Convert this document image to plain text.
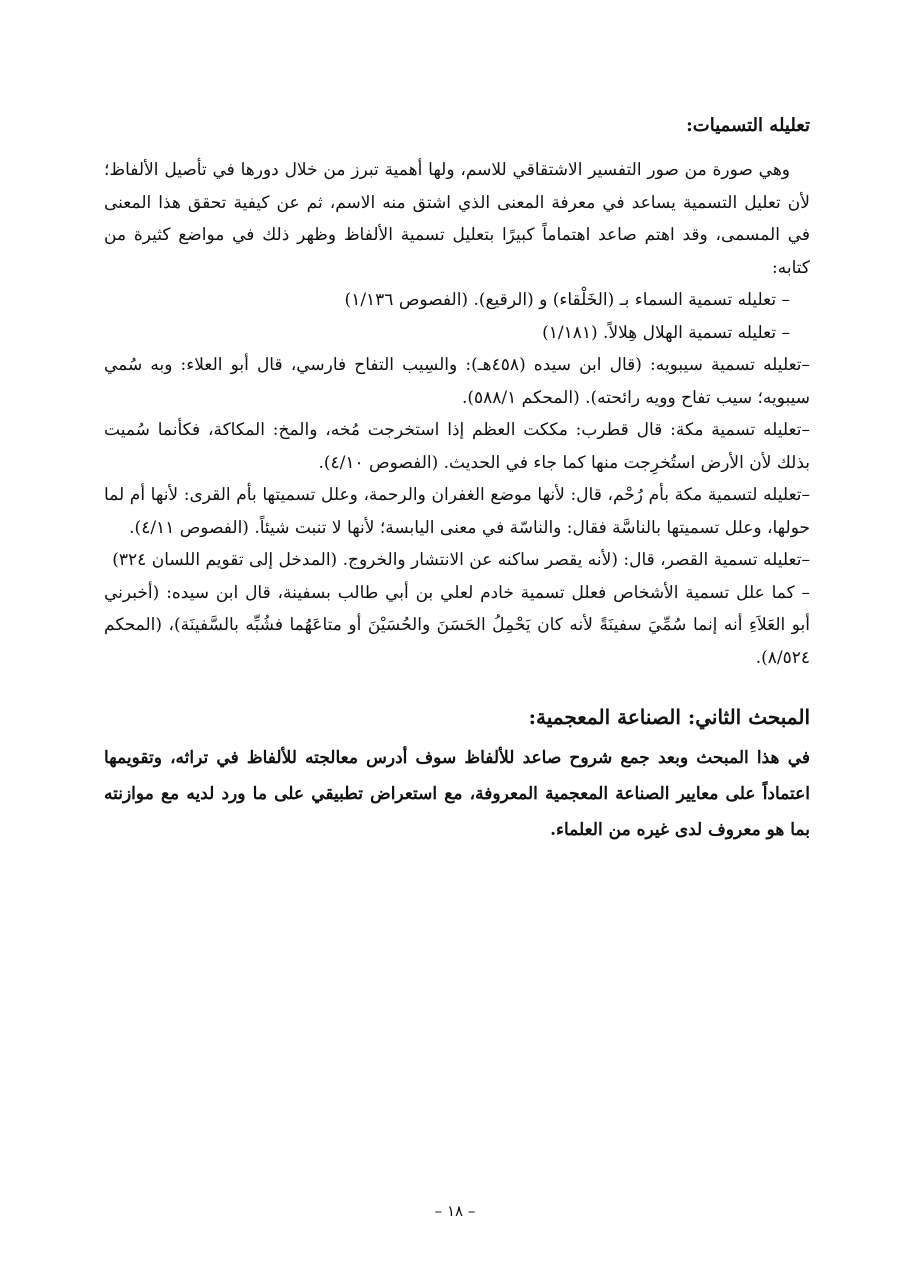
تعليله التسميات:

وهي صورة من صور التفسير الاشتقاقي للاسم، ولها أهمية تبرز من خلال دورها في تأصيل الألفاظ؛ لأن تعليل التسمية يساعد في معرفة المعنى الذي اشتق منه الاسم، ثم عن كيفية تحقق هذا المعنى في المسمى، وقد اهتم صاعد اهتماماً كبيرًا بتعليل تسمية الألفاظ وظهر ذلك في مواضع كثيرة من كتابه:

– تعليله تسمية السماء بـ (الخَلْقاء) و (الرقيع). (الفصوص ١/١٣٦)

– تعليله تسمية الهلال هِلالاً. (١/١٨١)

–تعليله تسمية سيبويه: (قال ابن سيده (٤٥٨هـ): والسِيب التفاح فارسي، قال أبو العلاء: وبه سُمي سيبويه؛ سيب تفاح وويه رائحته). (المحكم ٥٨٨/١).

–تعليله تسمية مكة: قال قطرب: مككت العظم إذا استخرجت مُخه، والمخ: المكاكة، فكأنما سُميت بذلك لأن الأرض استُخرِجت منها كما جاء في الحديث. (الفصوص ٤/١٠).

–تعليله لتسمية مكة بأم رُحْم، قال: لأنها موضع الغفران والرحمة، وعلل تسميتها بأم القرى: لأنها أم لما حولها، وعلل تسميتها بالناسَّة فقال: والناسّة في معنى اليابسة؛ لأنها لا تنبت شيئاً. (الفصوص ٤/١١).

–تعليله تسمية القصر، قال: (لأنه يقصر ساكنه عن الانتشار والخروج. (المدخل إلى تقويم اللسان ٣٢٤)

– كما علل تسمية الأشخاص فعلل تسمية خادم لعلي بن أبي طالب بسفينة، قال ابن سيده: (أخبرني أبو العَلاَءِ أنه إنما سُمِّيَ سفينَةً لأنه كان يَحْمِلُ الحَسَنَ والحُسَيْنَ أو متاعَهُما فشُبِّه بالسَّفينَة)، (المحكم ٨/٥٢٤).

المبحث الثاني: الصناعة المعجمية:

في هذا المبحث وبعد جمع شروح صاعد للألفاظ سوف أدرس معالجته للألفاظ في تراثه، وتقويمها اعتماداً على معايير الصناعة المعجمية المعروفة، مع استعراض تطبيقي على ما ورد لديه مع موازنته بما هو معروف لدى غيره من العلماء.

– ١٨ –
